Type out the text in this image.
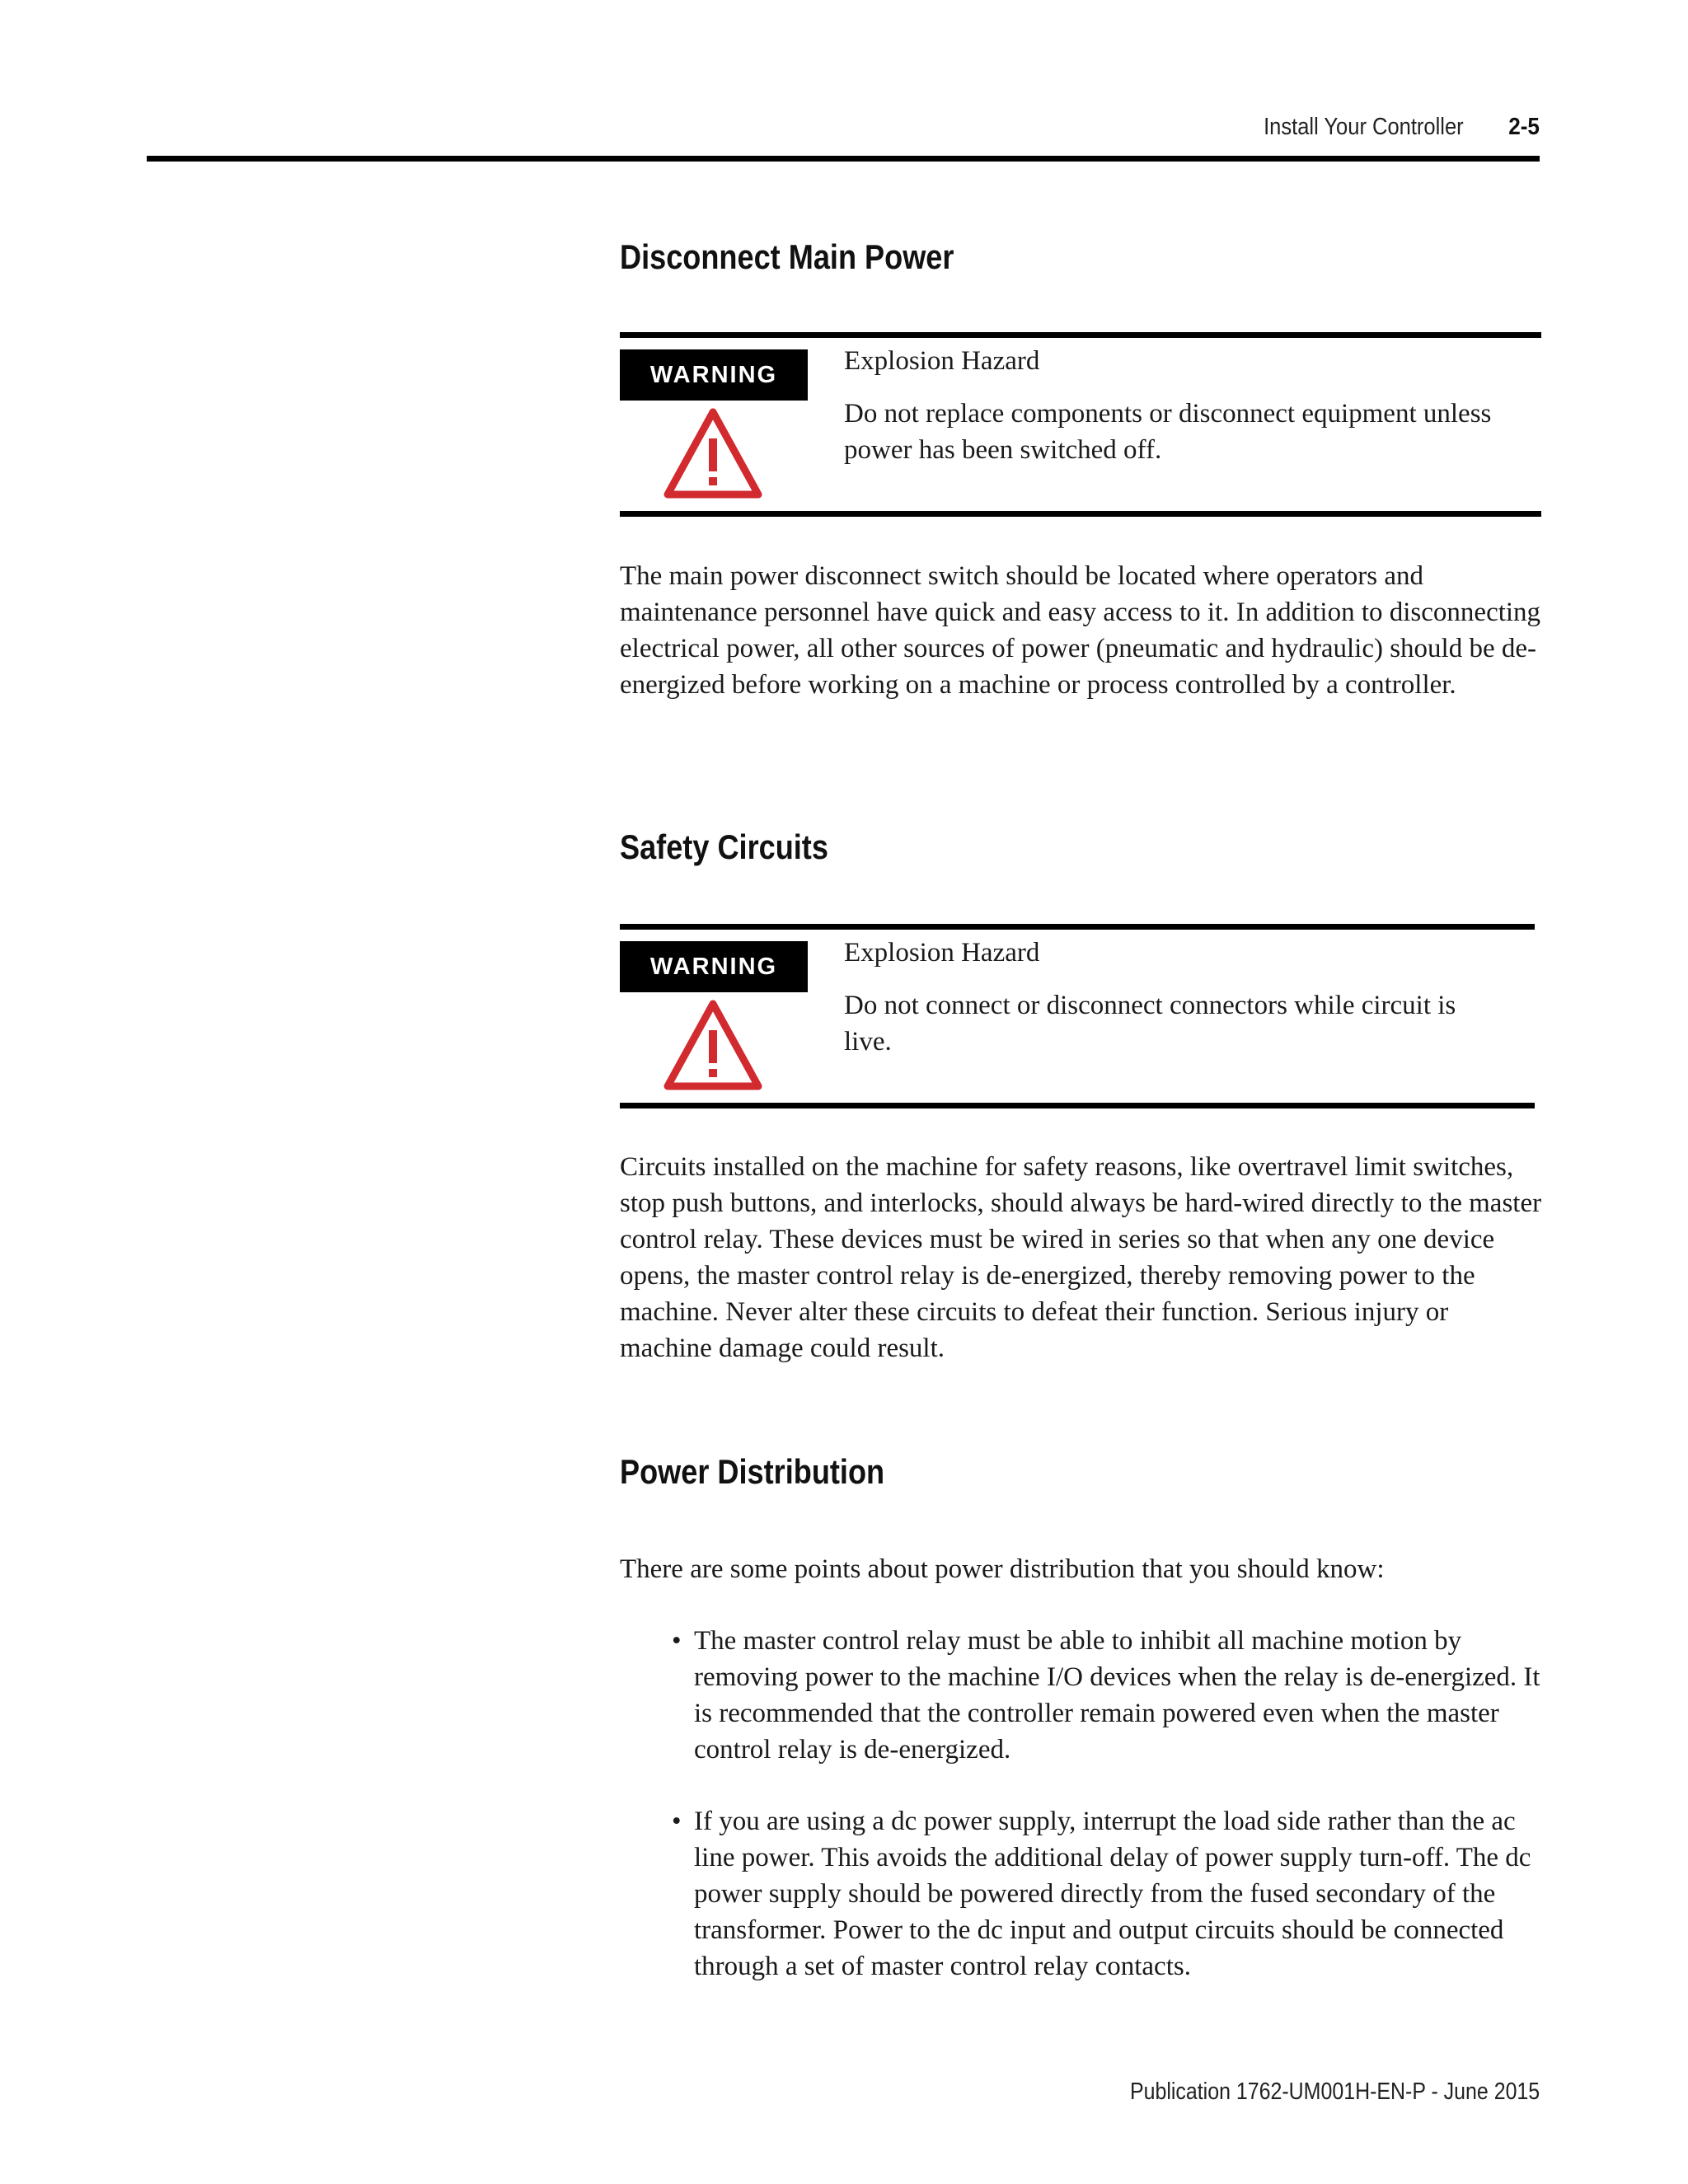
Install Your Controller 2-5
Disconnect Main Power
WARNING	Explosion Hazard
Do not replace components or disconnect equipment unless power has been switched off.

The main power disconnect switch should be located where operators and maintenance personnel have quick and easy access to it. In addition to disconnecting electrical power, all other sources of power (pneumatic and hydraulic) should be de-energized before working on a machine or process controlled by a controller.

Safety Circuits
WARNING	Explosion Hazard
Do not connect or disconnect connectors while circuit is live.

Circuits installed on the machine for safety reasons, like overtravel limit switches, stop push buttons, and interlocks, should always be hard-wired directly to the master control relay. These devices must be wired in series so that when any one device opens, the master control relay is de-energized, thereby removing power to the machine. Never alter these circuits to defeat their function. Serious injury or machine damage could result.

Power Distribution

There are some points about power distribution that you should know:

• The master control relay must be able to inhibit all machine motion by removing power to the machine I/O devices when the relay is de-energized. It is recommended that the controller remain powered even when the master control relay is de-energized.
• If you are using a dc power supply, interrupt the load side rather than the ac line power. This avoids the additional delay of power supply turn-off. The dc power supply should be powered directly from the fused secondary of the transformer. Power to the dc input and output circuits should be connected through a set of master control relay contacts.
Publication 1762-UM001H-EN-P - June 2015
